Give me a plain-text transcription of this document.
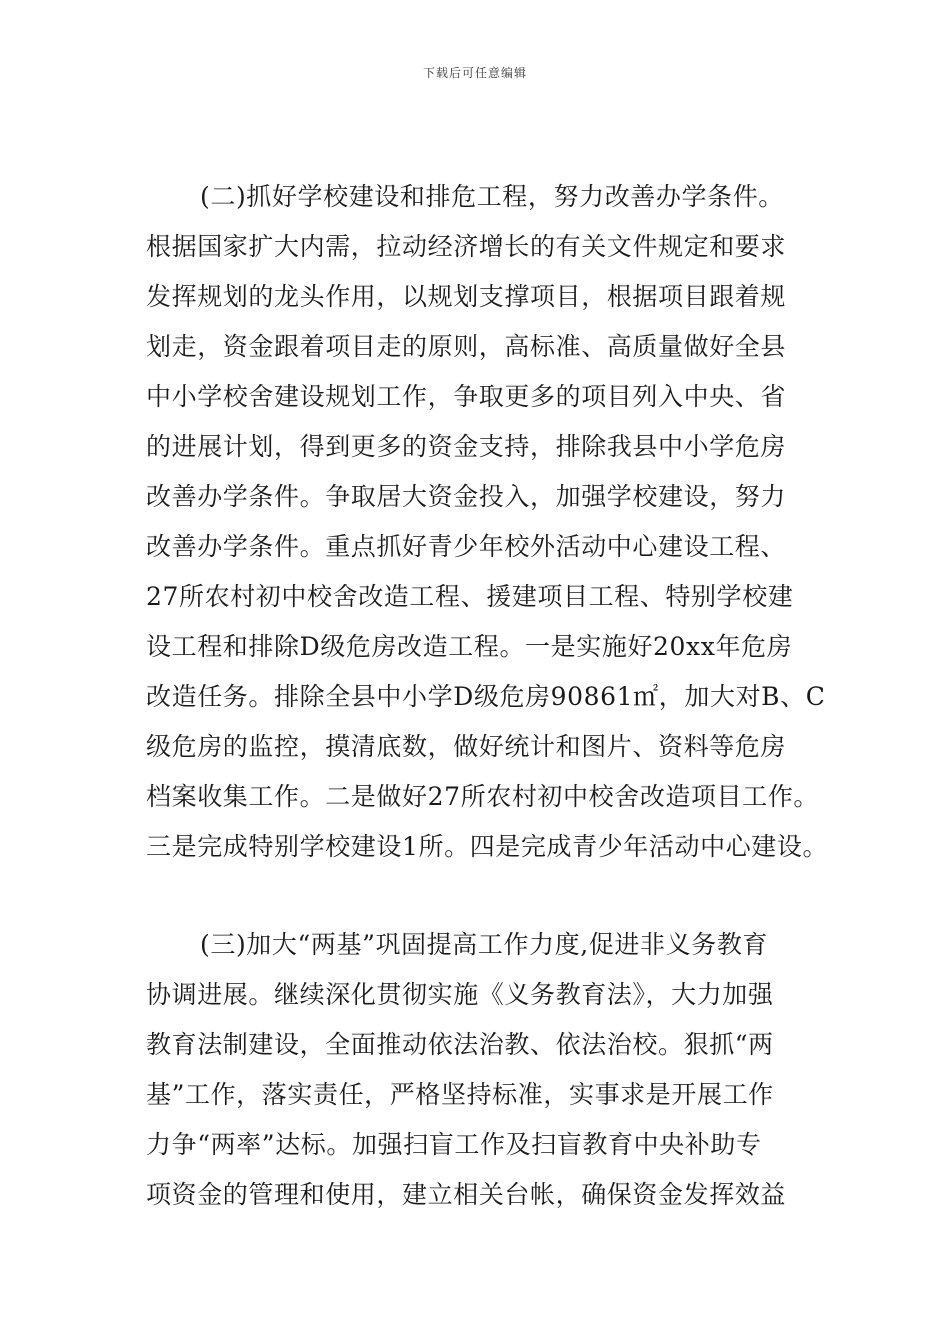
下载后可任意编辑
(二)抓好学校建设和排危工程，努力改善办学条件。
根据国家扩大内需，拉动经济增长的有关文件规定和要求
发挥规划的龙头作用，以规划支撑项目，根据项目跟着规
划走，资金跟着项目走的原则，高标准、高质量做好全县
中小学校舍建设规划工作，争取更多的项目列入中央、省
的进展计划，得到更多的资金支持，排除我县中小学危房
改善办学条件。争取居大资金投入，加强学校建设，努力
改善办学条件。重点抓好青少年校外活动中心建设工程、
27所农村初中校舍改造工程、援建项目工程、特别学校建
设工程和排除D级危房改造工程。一是实施好20xx年危房
改造任务。排除全县中小学D级危房90861㎡，加大对B、C
级危房的监控，摸清底数，做好统计和图片、资料等危房
档案收集工作。二是做好27所农村初中校舍改造项目工作。
三是完成特别学校建设1所。四是完成青少年活动中心建设。
(三)加大“两基”巩固提高工作力度,促进非义务教育
协调进展。继续深化贯彻实施《义务教育法》，大力加强
教育法制建设，全面推动依法治教、依法治校。狠抓“两
基”工作，落实责任，严格坚持标准，实事求是开展工作
力争“两率”达标。加强扫盲工作及扫盲教育中央补助专
项资金的管理和使用，建立相关台帐，确保资金发挥效益
